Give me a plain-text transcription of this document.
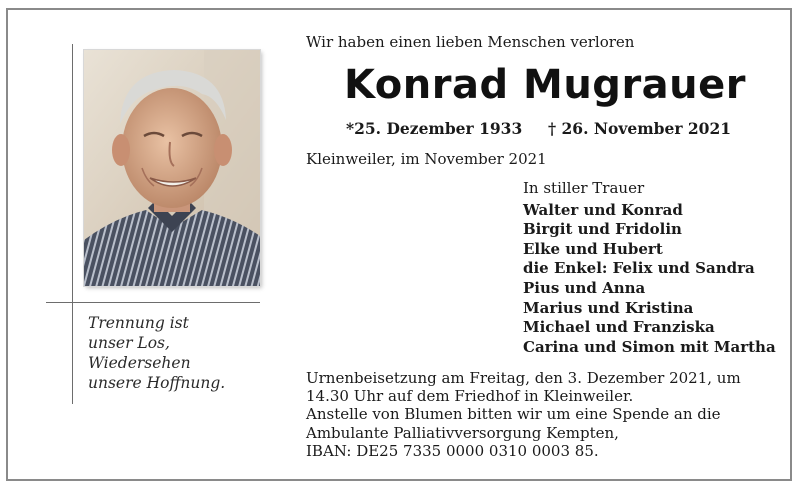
Trennung ist
unser Los,
Wiedersehen
unsere Hoffnung.
Wir haben einen lieben Menschen verloren
Konrad Mugrauer
*25. Dezember 1933 † 26. November 2021
Kleinweiler, im November 2021
In stiller Trauer
Walter und Konrad
Birgit und Fridolin
Elke und Hubert
die Enkel: Felix und Sandra
Pius und Anna
Marius und Kristina
Michael und Franziska
Carina und Simon mit Martha
Urnenbeisetzung am Freitag, den 3. Dezember 2021, um
14.30 Uhr auf dem Friedhof in Kleinweiler.
Anstelle von Blumen bitten wir um eine Spende an die
Ambulante Palliativversorgung Kempten,
IBAN: DE25 7335 0000 0310 0003 85.
